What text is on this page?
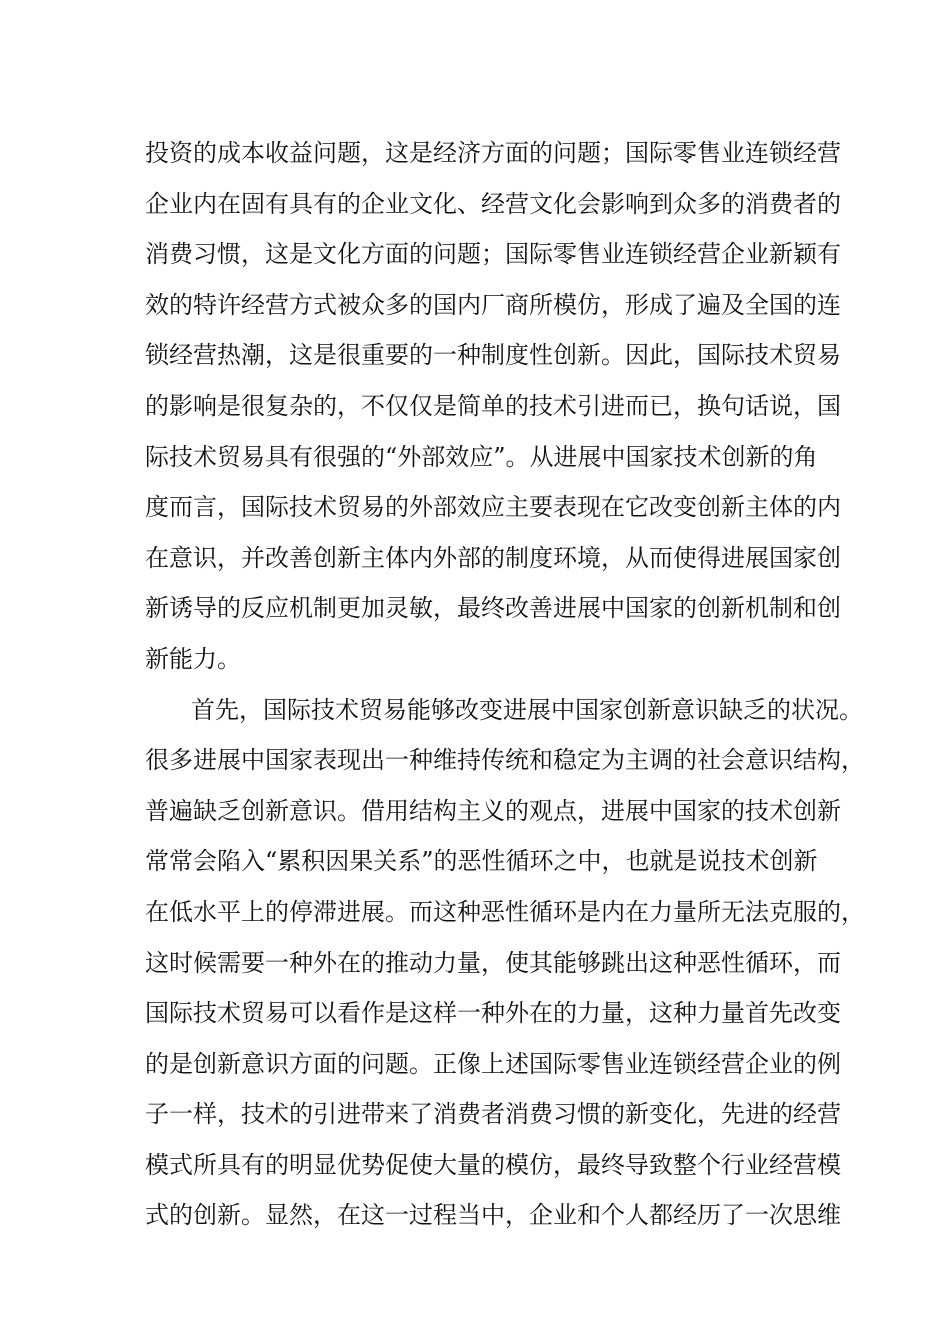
投资的成本收益问题，这是经济方面的问题；国际零售业连锁经营
企业内在固有具有的企业文化、经营文化会影响到众多的消费者的
消费习惯，这是文化方面的问题；国际零售业连锁经营企业新颖有
效的特许经营方式被众多的国内厂商所模仿，形成了遍及全国的连
锁经营热潮，这是很重要的一种制度性创新。因此，国际技术贸易
的影响是很复杂的，不仅仅是简单的技术引进而已，换句话说，国
际技术贸易具有很强的“外部效应”。从进展中国家技术创新的角
度而言，国际技术贸易的外部效应主要表现在它改变创新主体的内
在意识，并改善创新主体内外部的制度环境，从而使得进展国家创
新诱导的反应机制更加灵敏，最终改善进展中国家的创新机制和创
新能力。
首先，国际技术贸易能够改变进展中国家创新意识缺乏的状况。
很多进展中国家表现出一种维持传统和稳定为主调的社会意识结构，
普遍缺乏创新意识。借用结构主义的观点，进展中国家的技术创新
常常会陷入“累积因果关系”的恶性循环之中，也就是说技术创新
在低水平上的停滞进展。而这种恶性循环是内在力量所无法克服的，
这时候需要一种外在的推动力量，使其能够跳出这种恶性循环，而
国际技术贸易可以看作是这样一种外在的力量，这种力量首先改变
的是创新意识方面的问题。正像上述国际零售业连锁经营企业的例
子一样，技术的引进带来了消费者消费习惯的新变化，先进的经营
模式所具有的明显优势促使大量的模仿，最终导致整个行业经营模
式的创新。显然，在这一过程当中，企业和个人都经历了一次思维
